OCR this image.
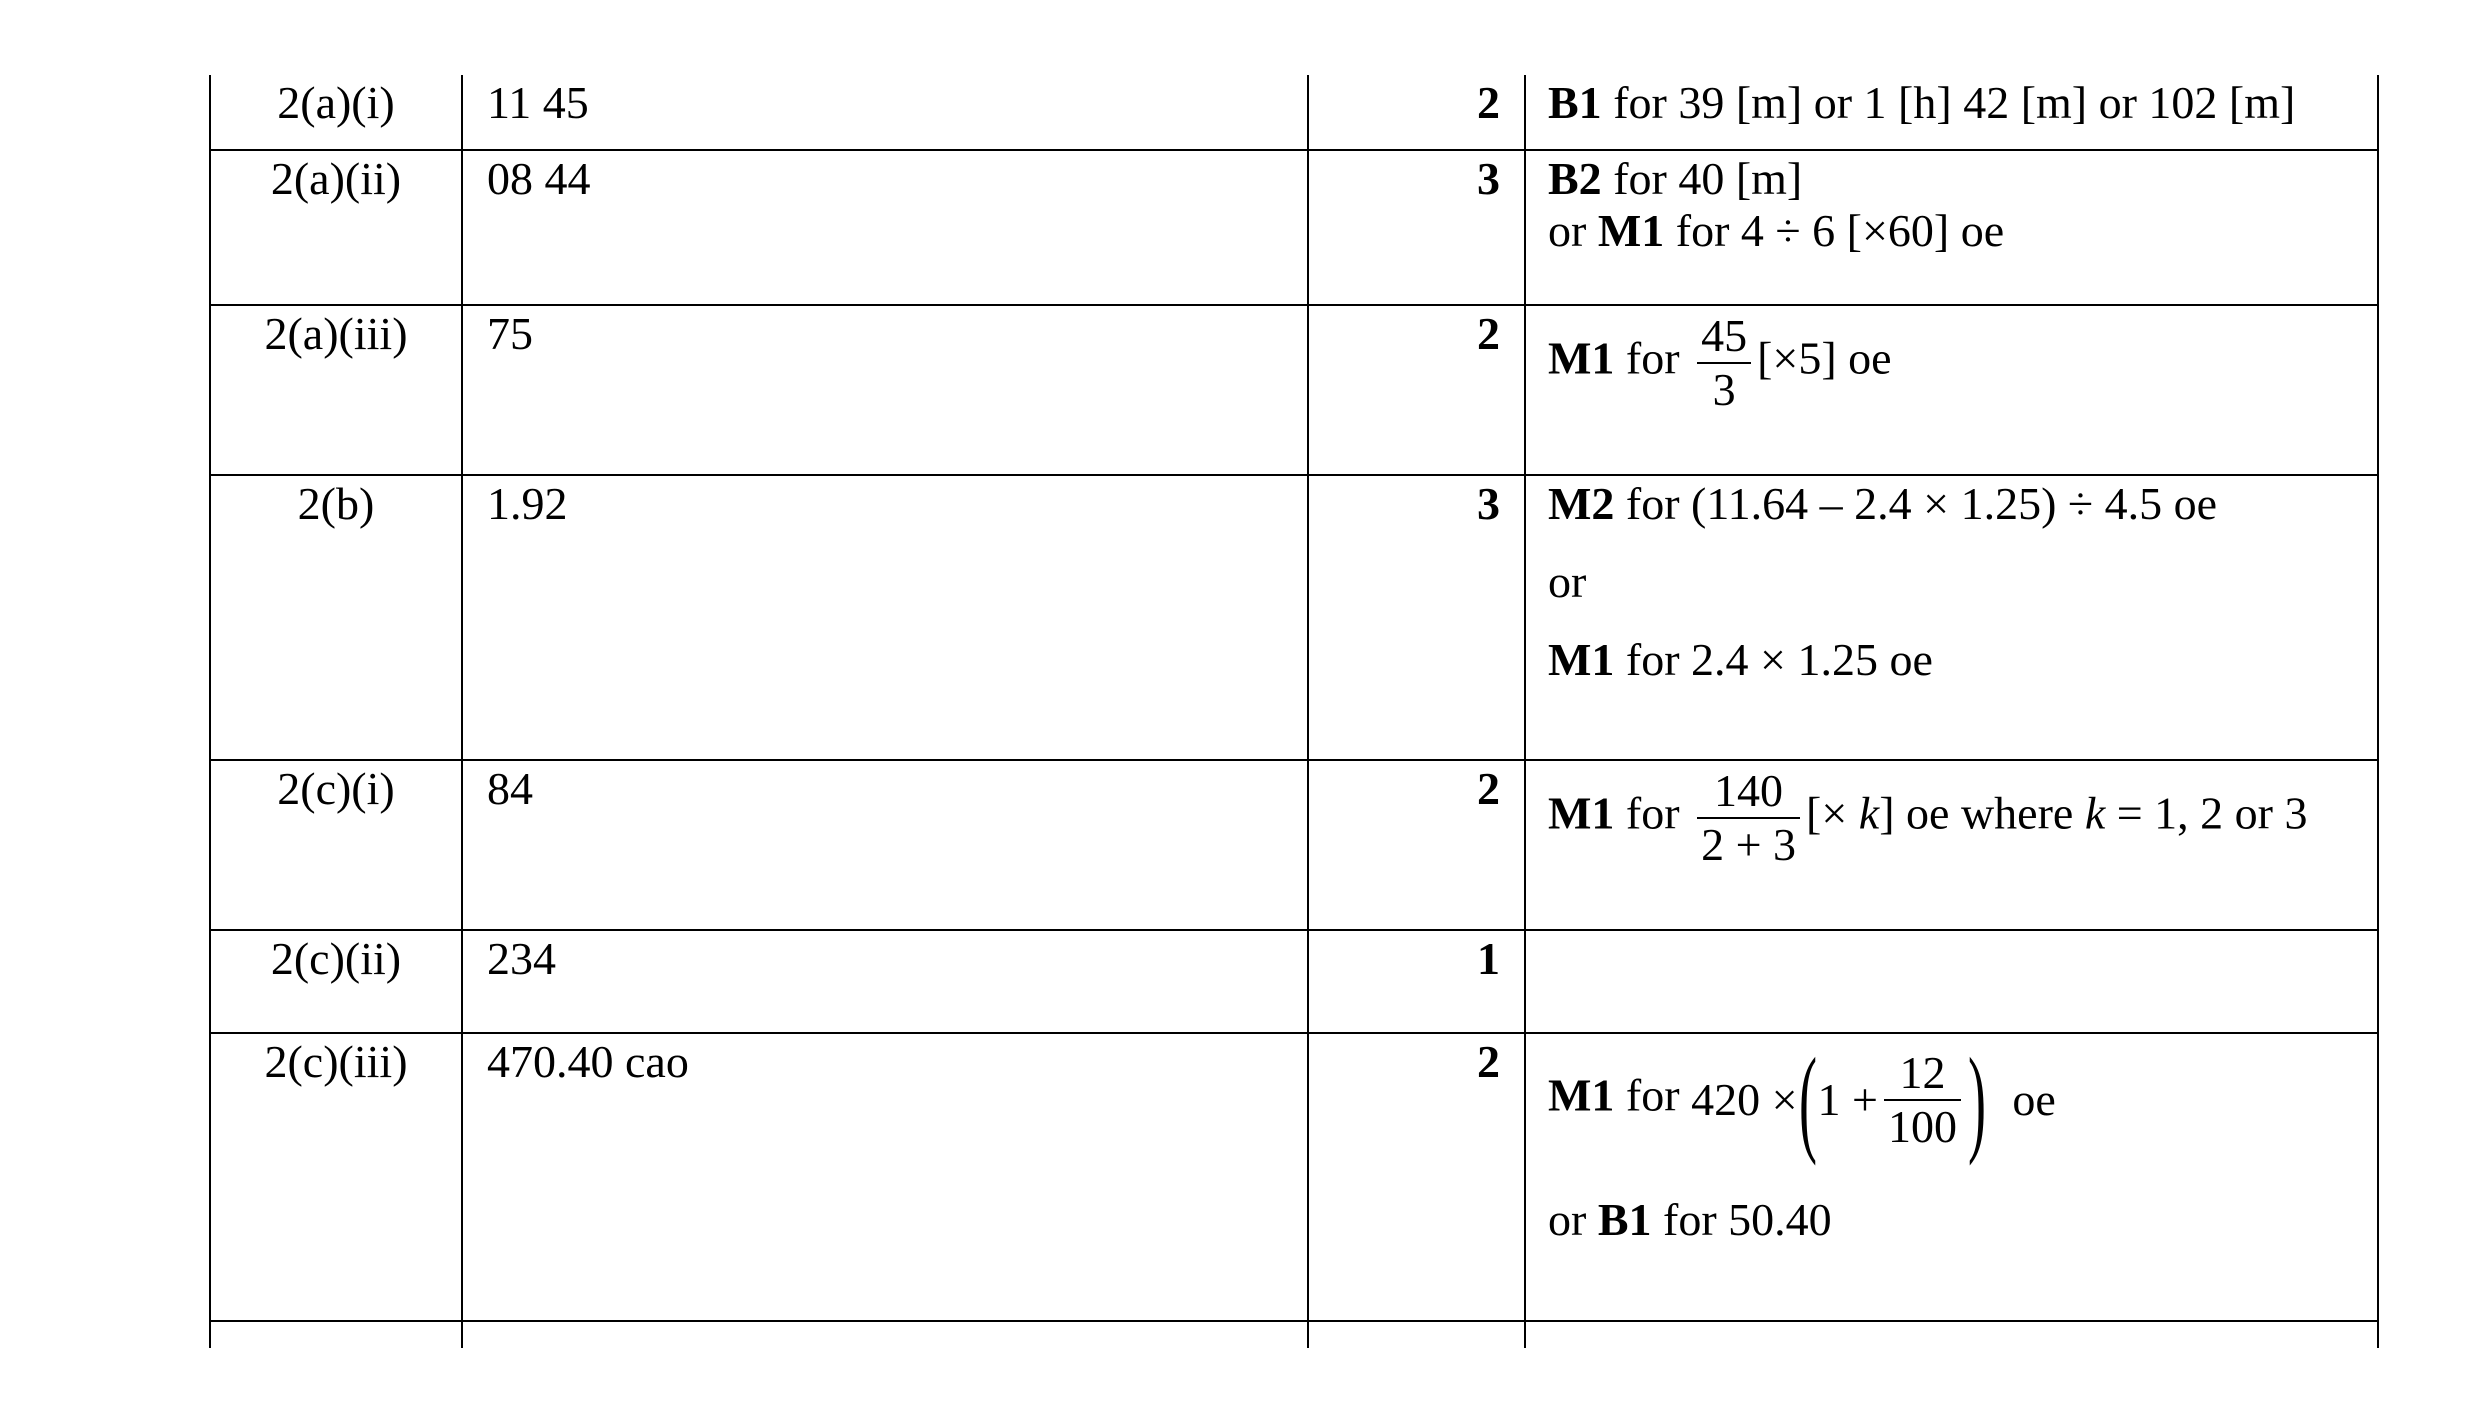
2(a)(i)	11 45	2	B1 for 39 [m] or 1 [h] 42 [m] or 102 [m]
2(a)(ii)	08 44	3	B2 for 40 [m]
or M1 for 4 ÷ 6 [×60] oe

2(a)(iii)	75	2	M1 for $\frac{45}{3} [\times 5]$ oe

2(b)	1.92	3	M2 for (11.64 – 2.4 × 1.25) ÷ 4.5 oe
or
M1 for 2.4 × 1.25 oe

2(c)(i)	84	2	M1 for $\frac{140}{2 + 3}$ [× k] oe where k = 1, 2 or 3

2(c)(ii)	234	1	
2(c)(iii)	470.40 cao	2	M1 for $420 \times(1 + \frac{12}{100}$ ) oe
or B1 for 50.40
